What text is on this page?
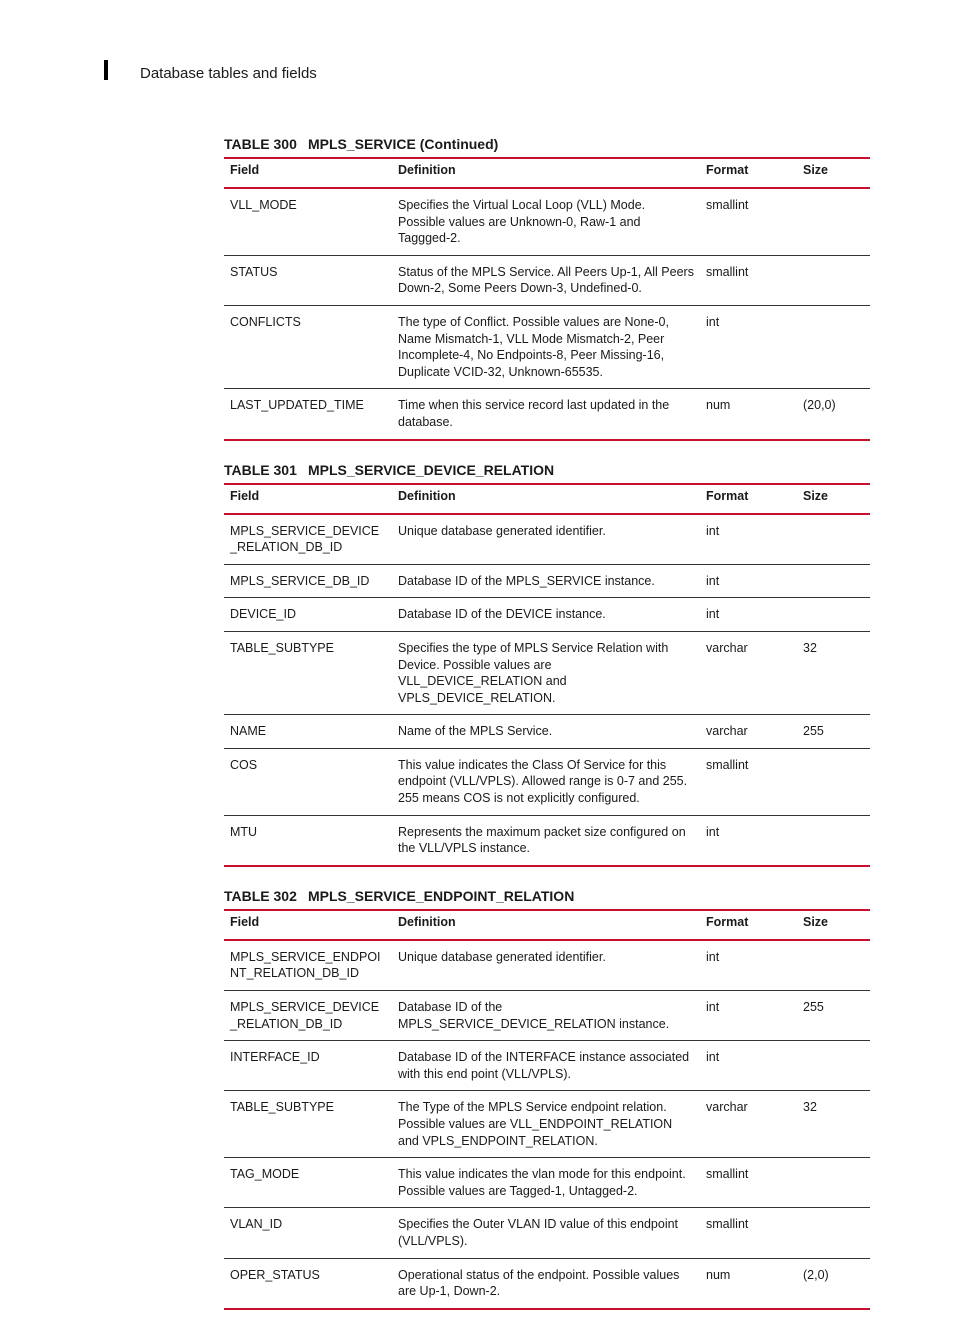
Database tables and fields
TABLE 300 MPLS_SERVICE (Continued)
Field	Definition	Format	Size
VLL_MODE	Specifies the Virtual Local Loop (VLL) Mode. Possible values are Unknown-0, Raw-1 and Taggged-2.	smallint	
STATUS	Status of the MPLS Service. All Peers Up-1, All Peers Down-2, Some Peers Down-3, Undefined-0.	smallint	
CONFLICTS	The type of Conflict. Possible values are None-0, Name Mismatch-1, VLL Mode Mismatch-2, Peer Incomplete-4, No Endpoints-8, Peer Missing-16, Duplicate VCID-32, Unknown-65535.	int	
LAST_UPDATED_TIME	Time when this service record last updated in the database.	num	(20,0)
TABLE 301 MPLS_SERVICE_DEVICE_RELATION
Field	Definition	Format	Size
MPLS_SERVICE_DEVICE_RELATION_DB_ID	Unique database generated identifier.	int	
MPLS_SERVICE_DB_ID	Database ID of the MPLS_SERVICE instance.	int	
DEVICE_ID	Database ID of the DEVICE instance.	int	
TABLE_SUBTYPE	Specifies the type of MPLS Service Relation with Device. Possible values are VLL_DEVICE_RELATION and VPLS_DEVICE_RELATION.	varchar	32
NAME	Name of the MPLS Service.	varchar	255
COS	This value indicates the Class Of Service for this endpoint (VLL/VPLS). Allowed range is 0-7 and 255. 255 means COS is not explicitly configured.	smallint	
MTU	Represents the maximum packet size configured on the VLL/VPLS instance.	int	
TABLE 302 MPLS_SERVICE_ENDPOINT_RELATION
Field	Definition	Format	Size
MPLS_SERVICE_ENDPOINT_RELATION_DB_ID	Unique database generated identifier.	int	
MPLS_SERVICE_DEVICE_RELATION_DB_ID	Database ID of the MPLS_SERVICE_DEVICE_RELATION instance.	int	255
INTERFACE_ID	Database ID of the INTERFACE instance associated with this end point (VLL/VPLS).	int	
TABLE_SUBTYPE	The Type of the MPLS Service endpoint relation. Possible values are VLL_ENDPOINT_RELATION and VPLS_ENDPOINT_RELATION.	varchar	32
TAG_MODE	This value indicates the vlan mode for this endpoint. Possible values are Tagged-1, Untagged-2.	smallint	
VLAN_ID	Specifies the Outer VLAN ID value of this endpoint (VLL/VPLS).	smallint	
OPER_STATUS	Operational status of the endpoint. Possible values are Up-1, Down-2.	num	(2,0)
